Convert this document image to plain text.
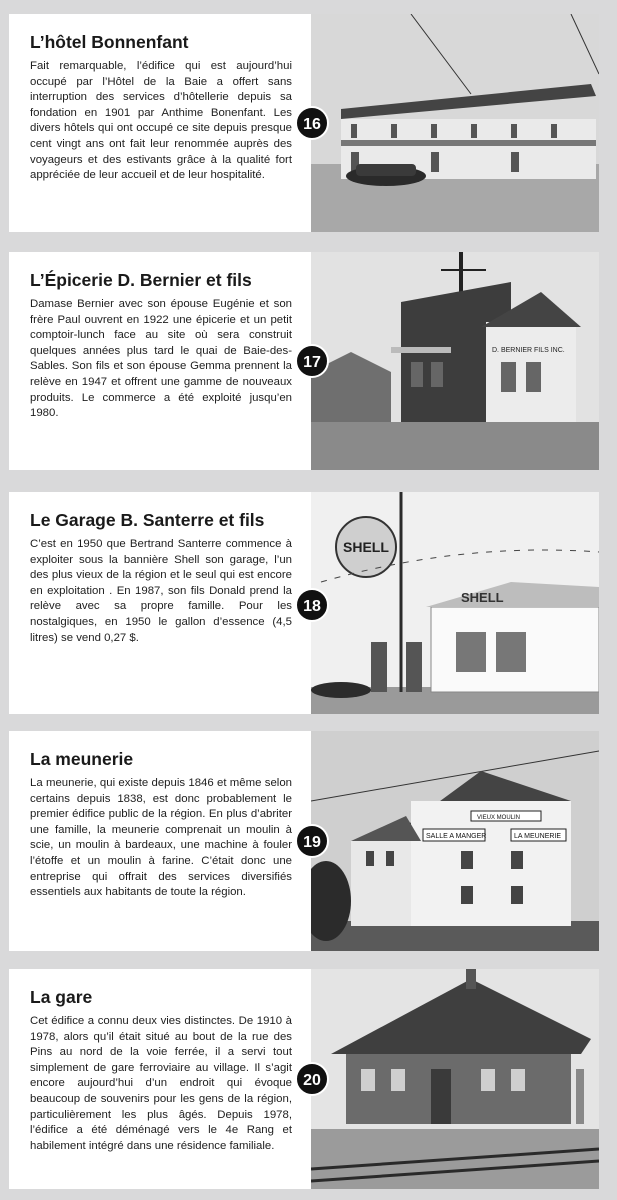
L’hôtel Bonnenfant

Fait remarquable, l’édifice qui est aujourd’hui occupé par l’Hôtel de la Baie a offert sans interruption des services d’hôtellerie depuis sa fondation en 1901 par Anthime Bonenfant. Les divers hôtels qui ont occupé ce site depuis presque cent vingt ans ont fait leur renommée auprès des voyageurs et des estivants grâce à la qualité fort appréciée de leur accueil et de leur hospitalité.

16
L’Épicerie D. Bernier et fils

Damase Bernier avec son épouse Eugénie et son frère Paul ouvrent en 1922 une épicerie et un petit comptoir-lunch face au site où sera construit quelques années plus tard le quai de Baie-des-Sables. Son fils et son épouse Gemma prennent la relève en 1947 et offrent une gamme de nouveaux produits. Le commerce a été exploité jusqu’en 1980.

17
D. BERNIER FILS INC.
Le Garage B. Santerre et fils

C’est en 1950 que Bertrand Santerre commence à exploiter sous la bannière Shell son garage, l’un des plus vieux de la région et le seul qui est encore en exploitation . En 1987, son fils Donald prend la relève avec sa propre famille. Pour les nostalgiques, en 1950 le gallon d’essence (4,5 litres) se vend 0,27 $.

18
SHELL
SHELL
La meunerie

La meunerie, qui existe depuis 1846 et même selon certains depuis 1838, est donc probablement le premier édifice public de la région. En plus d’abriter une famille, la meunerie comprenait un moulin à scie, un moulin à bardeaux, une machine à fouler l’étoffe et un moulin à farine. C’était donc une entreprise qui offrait des services diversifiés essentiels aux habitants de toute la région.

19
VIEUX MOULIN
SALLE A MANGER	LA MEUNERIE
La gare

Cet édifice a connu deux vies distinctes. De 1910 à 1978, alors qu’il était situé au bout de la rue des Pins au nord de la voie ferrée, il a servi tout simplement de gare ferroviaire au village. Il s’agit encore aujourd’hui d’un endroit qui évoque beaucoup de souvenirs pour les gens de la région, particulièrement les plus âgés. Depuis 1978, l’édifice a été déménagé vers le 4e Rang et habilement intégré dans une résidence familiale.

20
